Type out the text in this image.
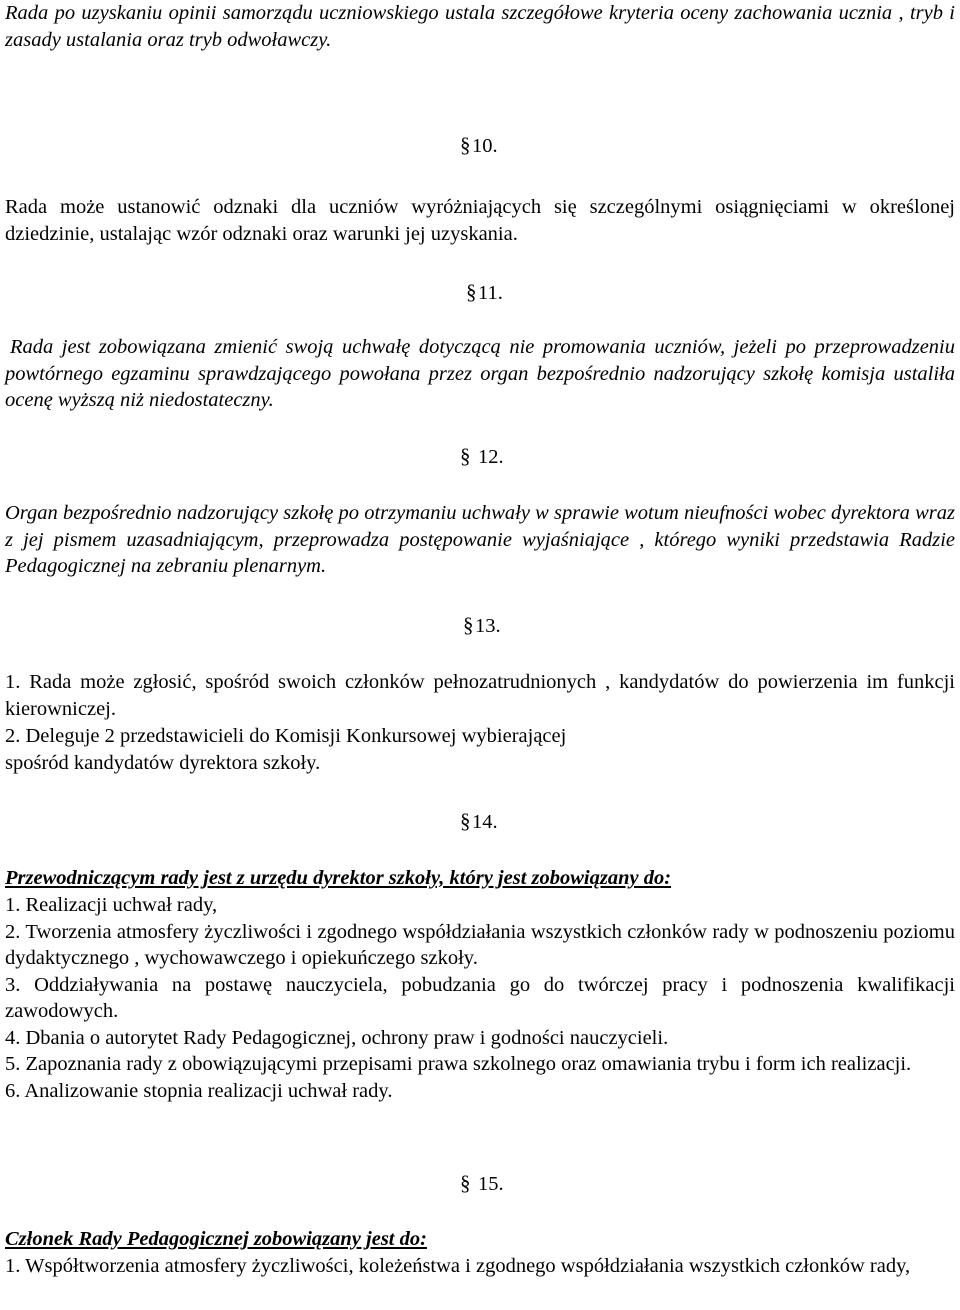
Rada po uzyskaniu opinii samorządu uczniowskiego ustala szczegółowe kryteria oceny zachowania ucznia , tryb i zasady ustalania oraz tryb odwoławczy.

§ 10.

Rada może ustanowić odznaki dla uczniów wyróżniających się szczególnymi osiągnięciami w określonej dziedzinie, ustalając wzór odznaki oraz warunki jej uzyskania.

§ 11.

Rada jest zobowiązana zmienić swoją uchwałę dotyczącą nie promowania uczniów, jeżeli po przeprowadzeniu powtórnego egzaminu sprawdzającego powołana przez organ bezpośrednio nadzorujący szkołę komisja ustaliła ocenę wyższą niż niedostateczny.

§ 12.

Organ bezpośrednio nadzorujący szkołę po otrzymaniu uchwały w sprawie wotum nieufności wobec dyrektora wraz z jej pismem uzasadniającym, przeprowadza postępowanie wyjaśniające , którego wyniki przedstawia Radzie Pedagogicznej na zebraniu plenarnym.

§ 13.

1. Rada może zgłosić, spośród swoich członków pełnozatrudnionych , kandydatów do powierzenia im funkcji kierowniczej.

2. Deleguje 2 przedstawicieli do Komisji Konkursowej wybierającej
spośród kandydatów dyrektora szkoły.

§ 14.

Przewodniczącym rady jest z urzędu dyrektor szkoły, który jest zobowiązany do:

1. Realizacji uchwał rady,

2. Tworzenia atmosfery życzliwości i zgodnego współdziałania wszystkich członków rady w podnoszeniu poziomu dydaktycznego , wychowawczego i opiekuńczego szkoły.

3. Oddziaływania na postawę nauczyciela, pobudzania go do twórczej pracy i podnoszenia kwalifikacji zawodowych.

4. Dbania o autorytet Rady Pedagogicznej, ochrony praw i godności nauczycieli.

5. Zapoznania rady z obowiązującymi przepisami prawa szkolnego oraz omawiania trybu i form ich realizacji.

6. Analizowanie stopnia realizacji uchwał rady.

§ 15.

Członek Rady Pedagogicznej zobowiązany jest do:

1. Współtworzenia atmosfery życzliwości, koleżeństwa i zgodnego współdziałania wszystkich członków rady,
